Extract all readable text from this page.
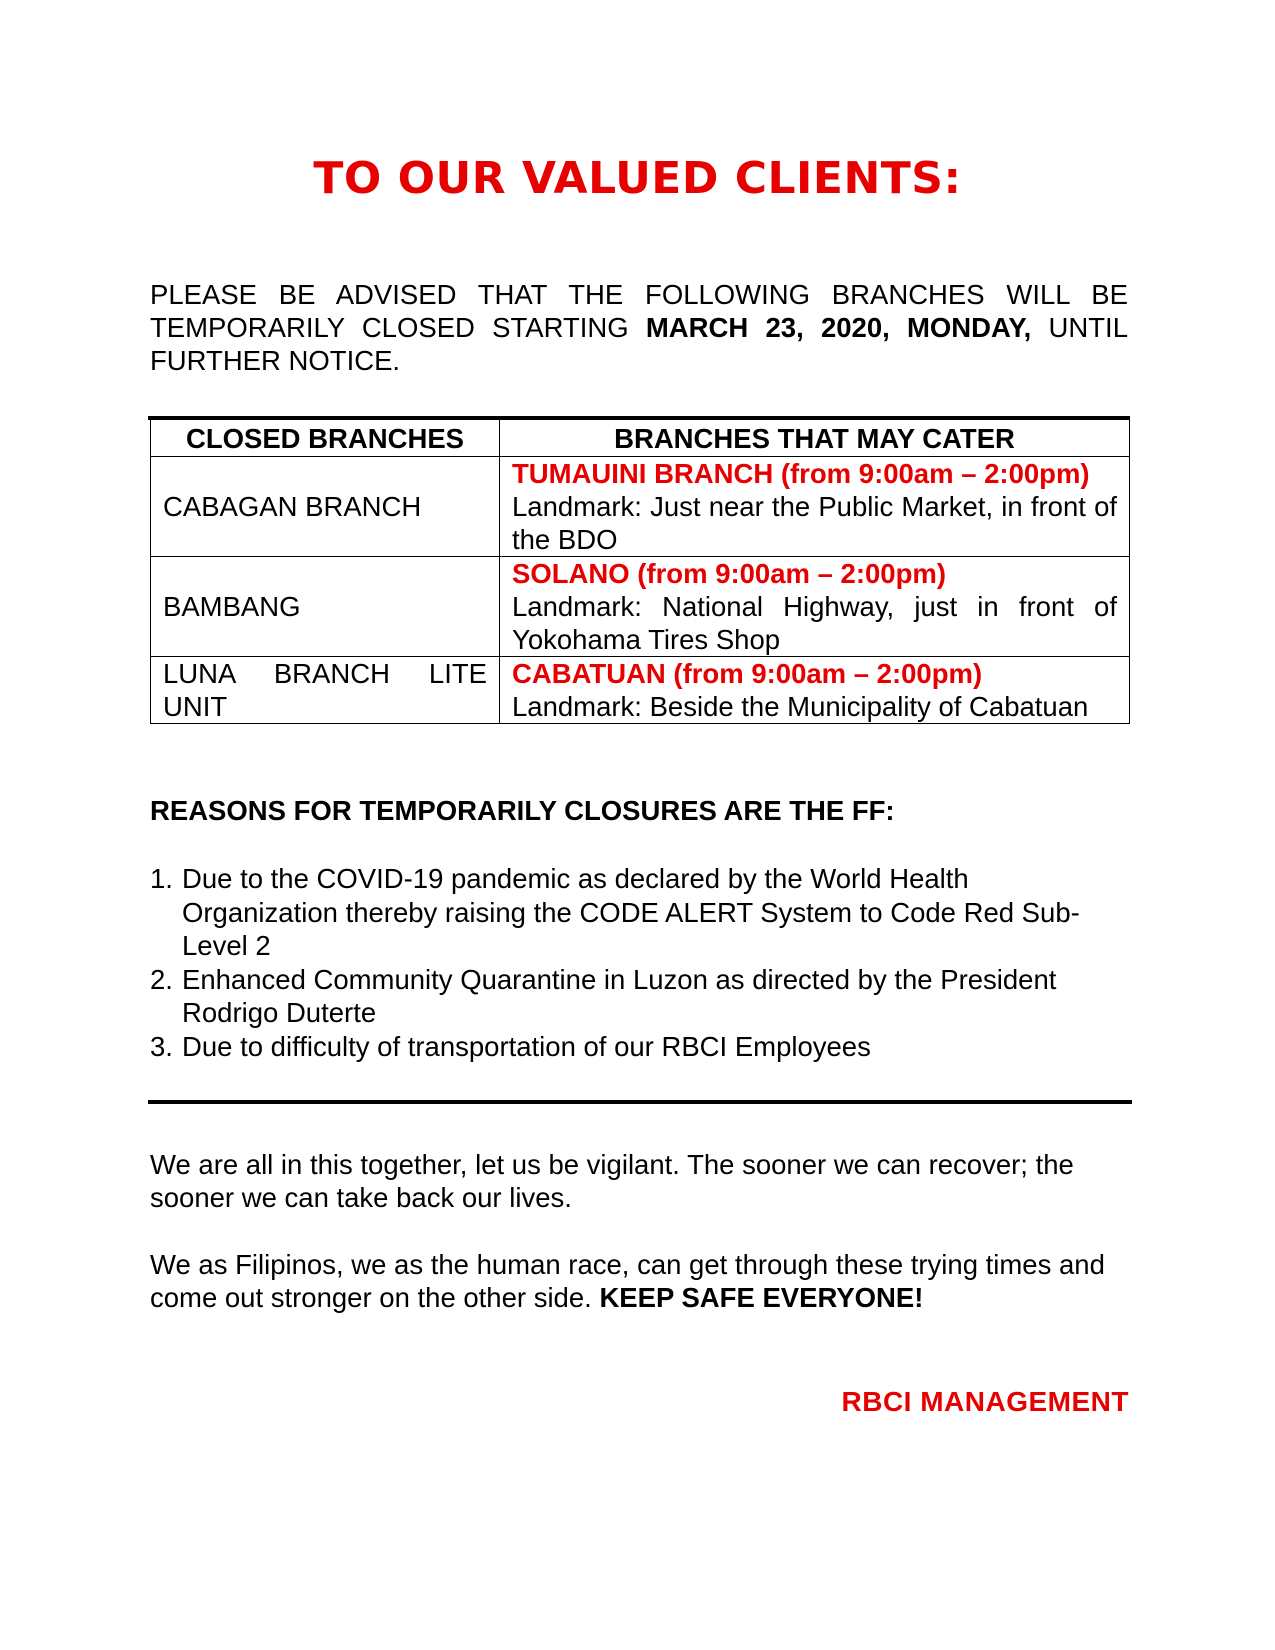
TO OUR VALUED CLIENTS:
PLEASE BE ADVISED THAT THE FOLLOWING BRANCHES WILL BE TEMPORARILY CLOSED STARTING MARCH 23, 2020, MONDAY, UNTIL FURTHER NOTICE.
CLOSED BRANCHES	BRANCHES THAT MAY CATER
CABAGAN BRANCH	TUMAUINI BRANCH (from 9:00am – 2:00pm)
Landmark: Just near the Public Market, in front of the BDO

BAMBANG	SOLANO (from 9:00am – 2:00pm)
Landmark: National Highway, just in front of Yokohama Tires Shop

LUNA BRANCH LITE UNIT	CABATUAN (from 9:00am – 2:00pm)
Landmark: Beside the Municipality of Cabatuan
REASONS FOR TEMPORARILY CLOSURES ARE THE FF:
1. Due to the COVID-19 pandemic as declared by the World Health Organization thereby raising the CODE ALERT System to Code Red Sub-Level 2
2. Enhanced Community Quarantine in Luzon as directed by the President Rodrigo Duterte
3. Due to difficulty of transportation of our RBCI Employees
We are all in this together, let us be vigilant. The sooner we can recover; the sooner we can take back our lives.
We as Filipinos, we as the human race, can get through these trying times and come out stronger on the other side. KEEP SAFE EVERYONE!
RBCI MANAGEMENT
